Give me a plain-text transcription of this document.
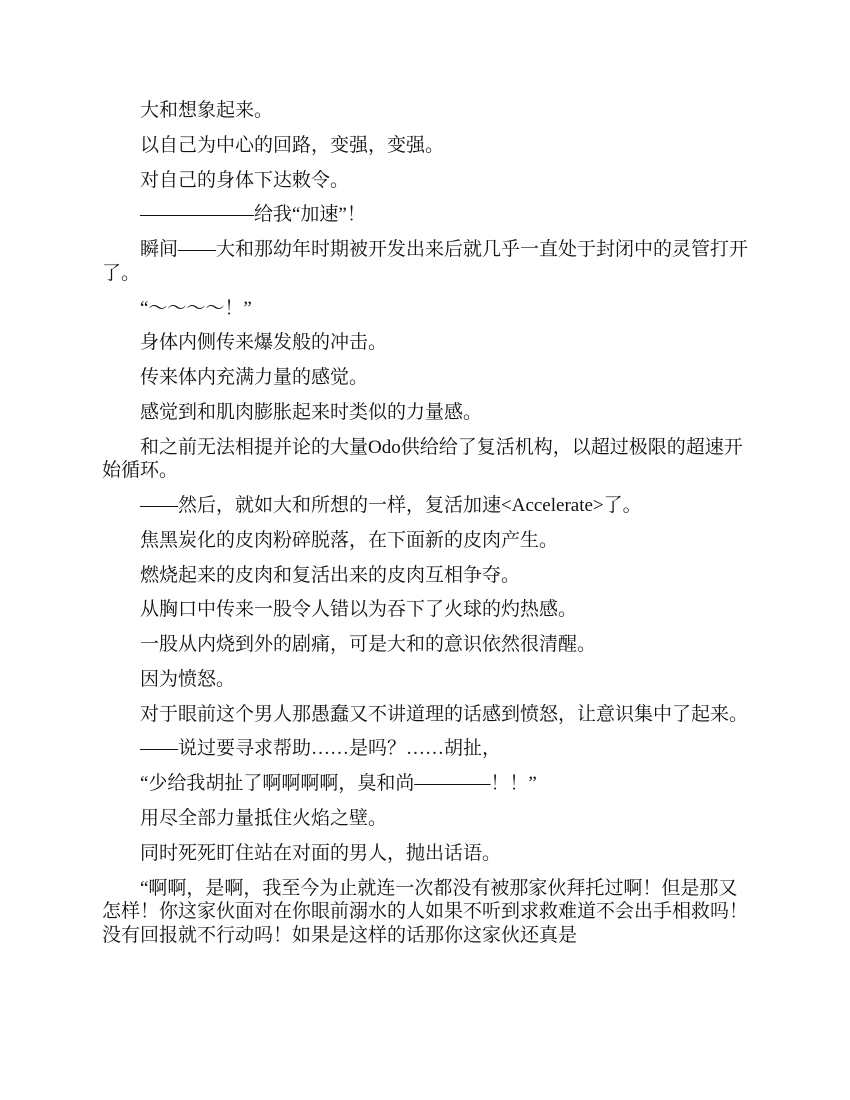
大和想象起来。

以自己为中心的回路，变强，变强。

对自己的身体下达敕令。

——————给我“加速”！

瞬间——大和那幼年时期被开发出来后就几乎一直处于封闭中的灵管打开了。

“～～～～！”

身体内侧传来爆发般的冲击。

传来体内充满力量的感觉。

感觉到和肌肉膨胀起来时类似的力量感。

和之前无法相提并论的大量Odo供给给了复活机构，以超过极限的超速开始循环。

——然后，就如大和所想的一样，复活加速<Accelerate>了。

焦黑炭化的皮肉粉碎脱落，在下面新的皮肉产生。

燃烧起来的皮肉和复活出来的皮肉互相争夺。

从胸口中传来一股令人错以为吞下了火球的灼热感。

一股从内烧到外的剧痛，可是大和的意识依然很清醒。

因为愤怒。

对于眼前这个男人那愚蠢又不讲道理的话感到愤怒，让意识集中了起来。

——说过要寻求帮助……是吗？……胡扯，

“少给我胡扯了啊啊啊啊，臭和尚————！！”

用尽全部力量抵住火焰之壁。

同时死死盯住站在对面的男人，抛出话语。

“啊啊，是啊，我至今为止就连一次都没有被那家伙拜托过啊！但是那又怎样！你这家伙面对在你眼前溺水的人如果不听到求救难道不会出手相救吗！没有回报就不行动吗！如果是这样的话那你这家伙还真是
